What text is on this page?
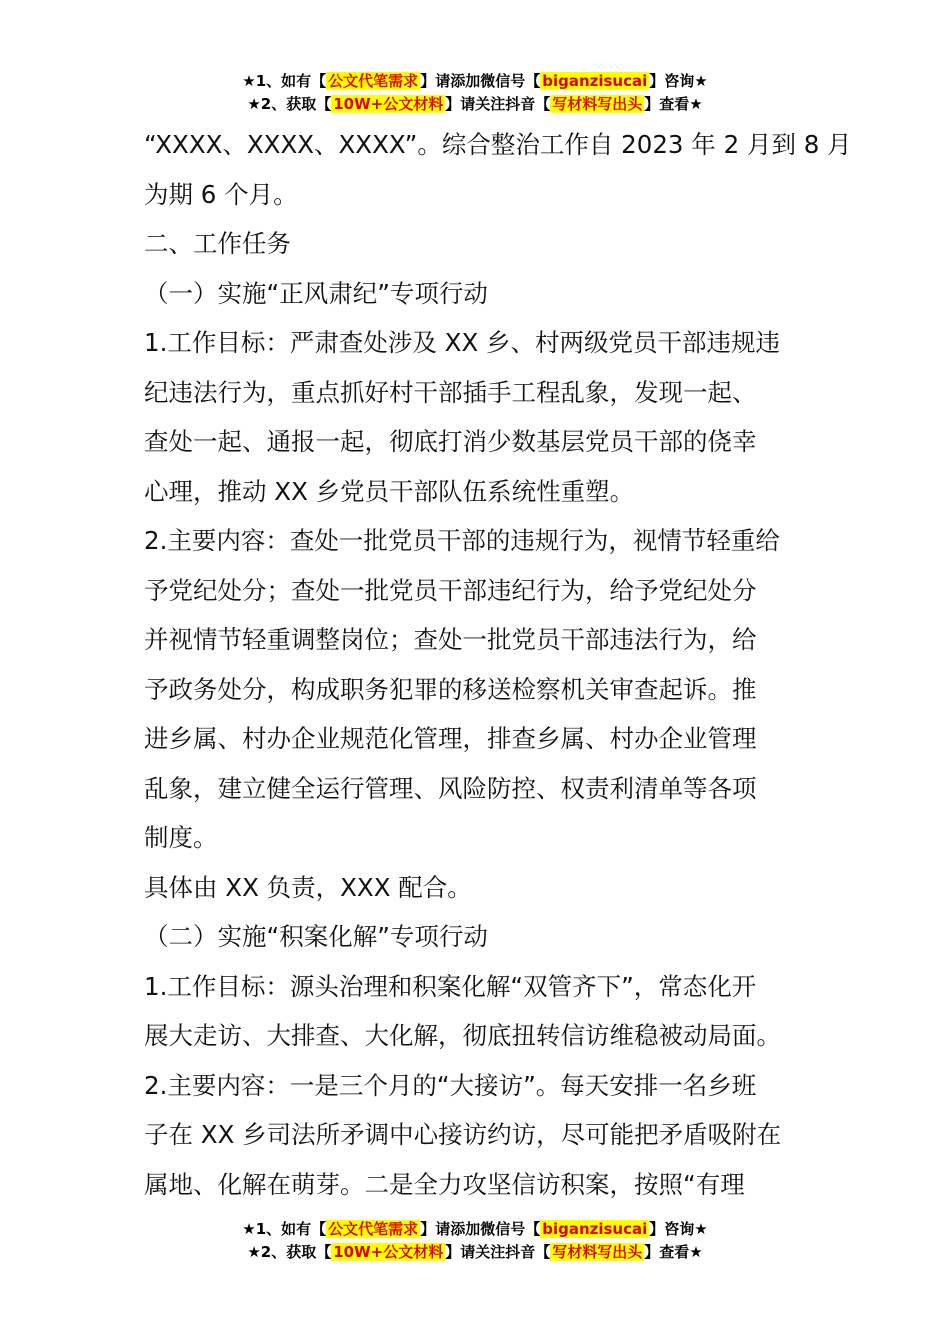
★1、如有【 公文代笔需求 】请添加微信号【 biganzisucai 】咨询★
★2、获取【 10W+公文材料 】请关注抖音【 写材料写出头 】查看★
“XXXX、XXXX、XXXX”。综合整治工作自 2023 年 2 月到 8 月
为期 6 个月。
二、工作任务
（一）实施“正风肃纪”专项行动
1.工作目标：严肃查处涉及 XX 乡、村两级党员干部违规违
纪违法行为，重点抓好村干部插手工程乱象，发现一起、
查处一起、通报一起，彻底打消少数基层党员干部的侥幸
心理，推动 XX 乡党员干部队伍系统性重塑。
2.主要内容：查处一批党员干部的违规行为，视情节轻重给
予党纪处分；查处一批党员干部违纪行为，给予党纪处分
并视情节轻重调整岗位；查处一批党员干部违法行为，给
予政务处分，构成职务犯罪的移送检察机关审查起诉。推
进乡属、村办企业规范化管理，排查乡属、村办企业管理
乱象，建立健全运行管理、风险防控、权责利清单等各项
制度。
具体由 XX 负责，XXX 配合。
（二）实施“积案化解”专项行动
1.工作目标：源头治理和积案化解“双管齐下”，常态化开
展大走访、大排查、大化解，彻底扭转信访维稳被动局面。
2.主要内容：一是三个月的“大接访”。每天安排一名乡班
子在 XX 乡司法所矛调中心接访约访，尽可能把矛盾吸附在
属地、化解在萌芽。二是全力攻坚信访积案，按照“有理
★1、如有【 公文代笔需求 】请添加微信号【 biganzisucai 】咨询★
★2、获取【 10W+公文材料 】请关注抖音【 写材料写出头 】查看★
